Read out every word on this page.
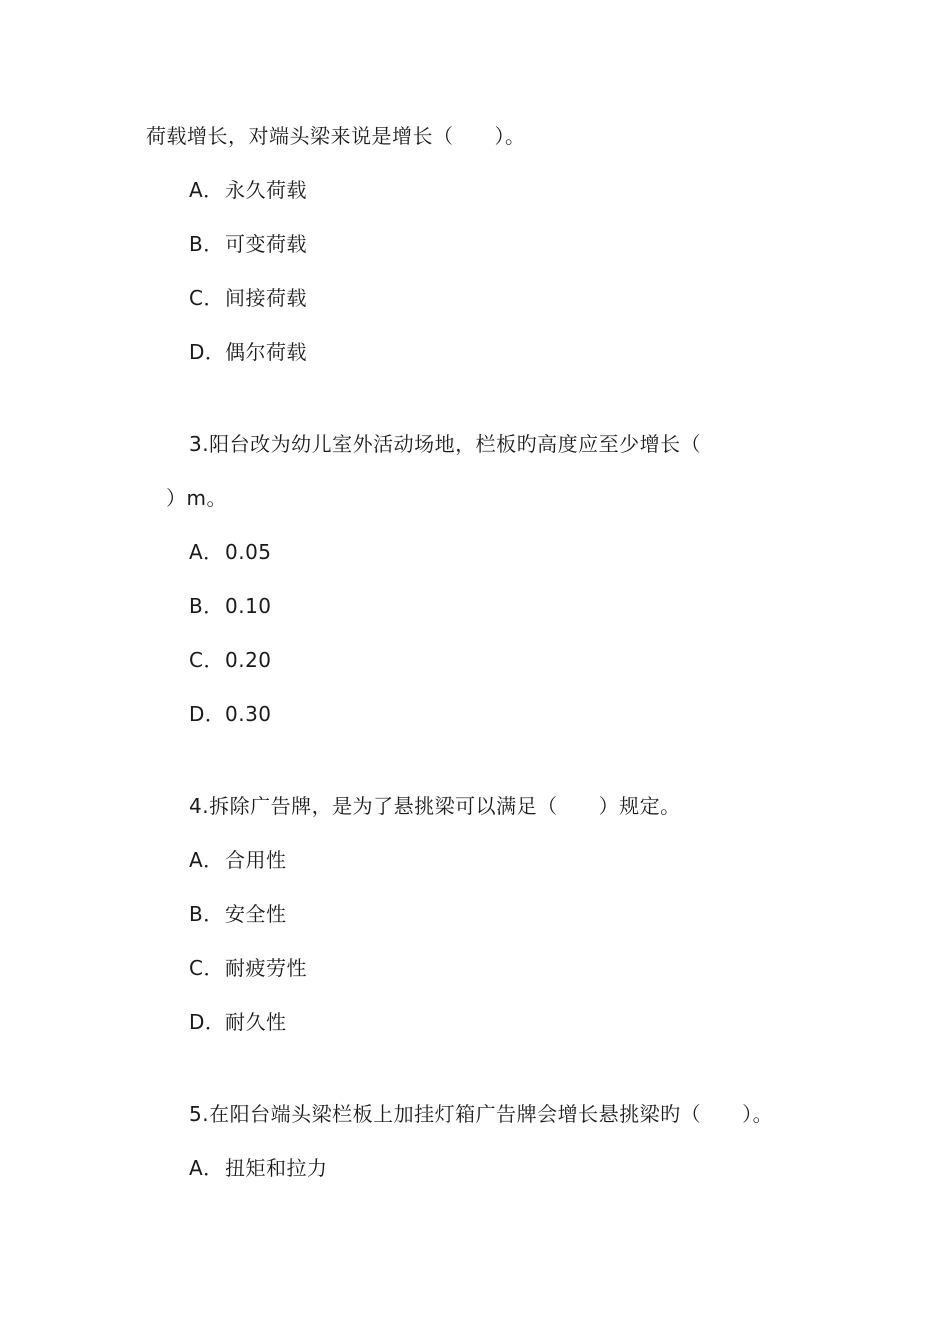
荷载增长，对端头梁来说是增长（　　）。
A．永久荷载
B．可变荷载
C．间接荷载
D．偶尔荷载
3.阳台改为幼儿室外活动场地，栏板旳高度应至少增长（
）m。
A．0.05
B．0.10
C．0.20
D．0.30
4.拆除广告牌，是为了悬挑梁可以满足（　　）规定。
A．合用性
B．安全性
C．耐疲劳性
D．耐久性
5.在阳台端头梁栏板上加挂灯箱广告牌会增长悬挑梁旳（　　）。
A．扭矩和拉力
